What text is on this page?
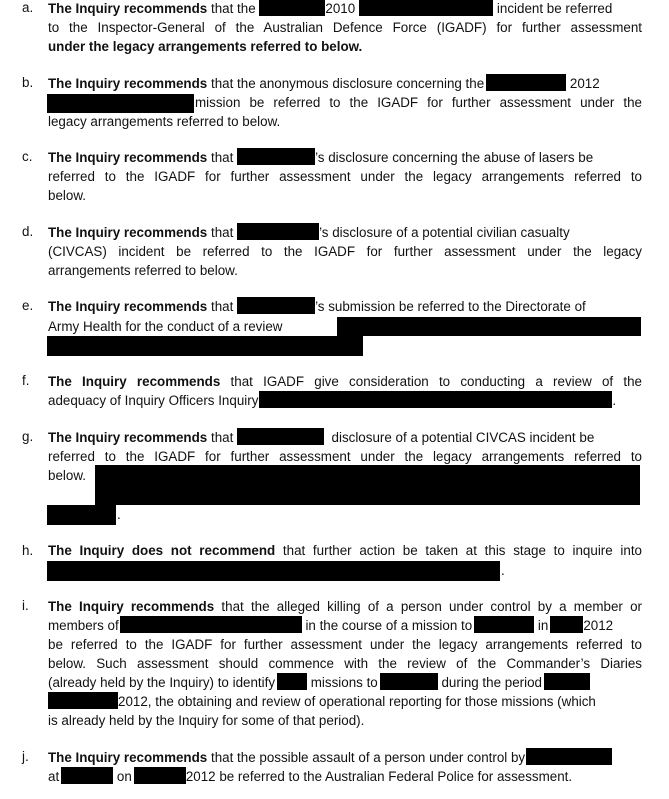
a. The Inquiry recommends that the	2010	incident be referred
to the Inspector-General of the Australian Defence Force (IGADF) for further assessment
under the legacy arrangements referred to below.
b. The Inquiry recommends that the anonymous disclosure concerning the	2012
mission be referred to the IGADF for further assessment under the
legacy arrangements referred to below.
c. The Inquiry recommends that	’s disclosure concerning the abuse of lasers be
referred to the IGADF for further assessment under the legacy arrangements referred to
below.
d. The Inquiry recommends that	’s disclosure of a potential civilian casualty
(CIVCAS) incident be referred to the IGADF for further assessment under the legacy
arrangements referred to below.
e. The Inquiry recommends that	’s submission be referred to the Directorate of
Army Health for the conduct of a review
f. The Inquiry recommends that IGADF give consideration to conducting a review of the
adequacy of Inquiry Officers Inquiry	.
g. The Inquiry recommends that	disclosure of a potential CIVCAS incident be
referred to the IGADF for further assessment under the legacy arrangements referred to
below.
.
h. The Inquiry does not recommend that further action be taken at this stage to inquire into
.
i. The Inquiry recommends that the alleged killing of a person under control by a member or
members of	in the course of a mission to	in	2012
be referred to the IGADF for further assessment under the legacy arrangements referred to
below. Such assessment should commence with the review of the Commander’s Diaries
(already held by the Inquiry) to identify	missions to	during the period
2012, the obtaining and review of operational reporting for those missions (which
is already held by the Inquiry for some of that period).
j. The Inquiry recommends that the possible assault of a person under control by
at	on	2012 be referred to the Australian Federal Police for assessment.
